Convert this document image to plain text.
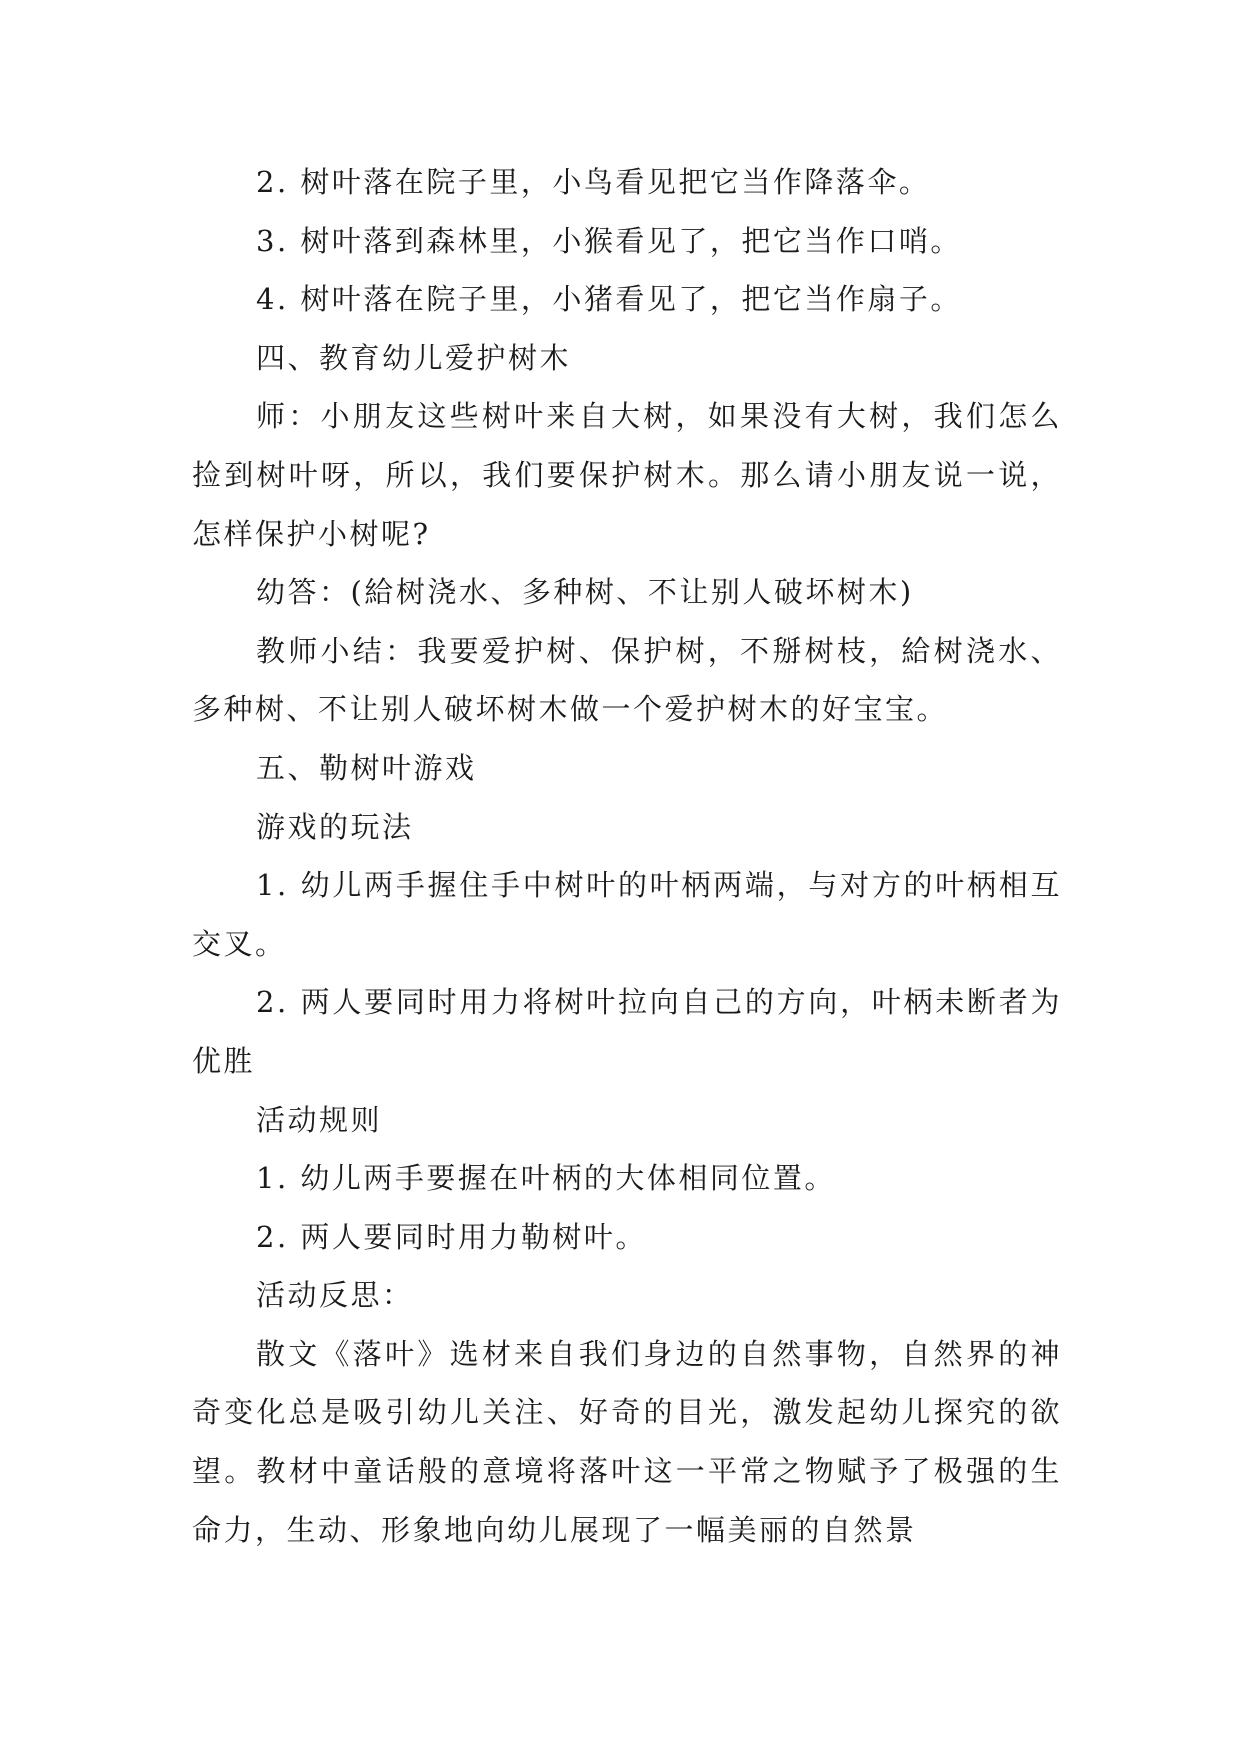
2. 树叶落在院子里，小鸟看见把它当作降落伞。

3. 树叶落到森林里，小猴看见了，把它当作口哨。

4. 树叶落在院子里，小猪看见了，把它当作扇子。

四、教育幼儿爱护树木

师：小朋友这些树叶来自大树，如果没有大树，我们怎么捡到树叶呀，所以，我们要保护树木。那么请小朋友说一说，怎样保护小树呢?

幼答：(給树浇水、多种树、不让别人破坏树木)

教师小结：我要爱护树、保护树，不掰树枝，給树浇水、多种树、不让别人破坏树木做一个爱护树木的好宝宝。

五、勒树叶游戏

游戏的玩法

1. 幼儿两手握住手中树叶的叶柄两端，与对方的叶柄相互交叉。

2. 两人要同时用力将树叶拉向自己的方向，叶柄未断者为优胜

活动规则

1. 幼儿两手要握在叶柄的大体相同位置。

2. 两人要同时用力勒树叶。

活动反思：

散文《落叶》选材来自我们身边的自然事物，自然界的神奇变化总是吸引幼儿关注、好奇的目光，激发起幼儿探究的欲望。教材中童话般的意境将落叶这一平常之物赋予了极强的生命力，生动、形象地向幼儿展现了一幅美丽的自然景
